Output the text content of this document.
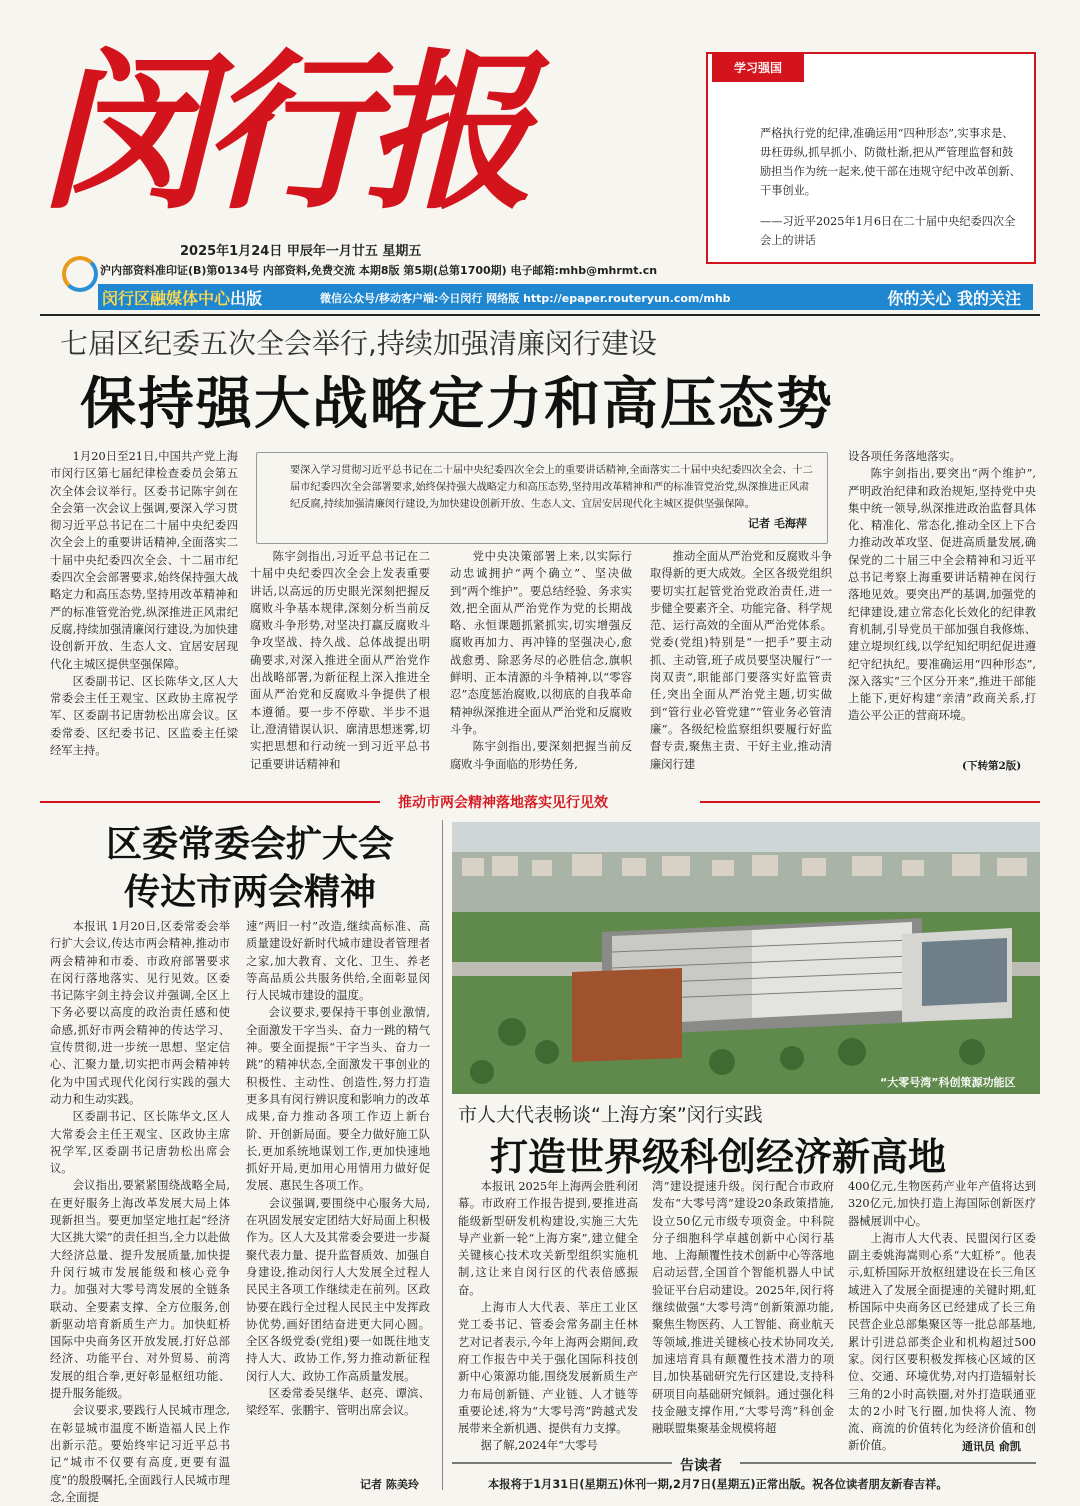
闵行报
2025年1月24日 甲辰年一月廿五 星期五
沪内部资料准印证(B)第0134号 内部资料,免费交流 本期8版 第5期(总第1700期) 电子邮箱:mhb@mhrmt.cn
闵行区融媒体中心出版	微信公众号/移动客户端:今日闵行 网络版 http://epaper.routeryun.com/mhb	你的关心 我的关注
学习强国
严格执行党的纪律,准确运用“四种形态”,实事求是、毋枉毋纵,抓早抓小、防微杜渐,把从严管理监督和鼓励担当作为统一起来,使干部在违规守纪中改革创新、干事创业。
——习近平2025年1月6日在二十届中央纪委四次全会上的讲话
七届区纪委五次全会举行,持续加强清廉闵行建设
保持强大战略定力和高压态势

1月20日至21日,中国共产党上海市闵行区第七届纪律检查委员会第五次全体会议举行。区委书记陈宇剑在全会第一次会议上强调,要深入学习贯彻习近平总书记在二十届中央纪委四次全会上的重要讲话精神,全面落实二十届中央纪委四次全会、十二届市纪委四次全会部署要求,始终保持强大战略定力和高压态势,坚持用改革精神和严的标准管党治党,纵深推进正风肃纪反腐,持续加强清廉闵行建设,为加快建设创新开放、生态人文、宜居安居现代化主城区提供坚强保障。

区委副书记、区长陈华文,区人大常委会主任王观宝、区政协主席祝学军、区委副书记唐勃松出席会议。区委常委、区纪委书记、区监委主任梁经军主持。

要深入学习贯彻习近平总书记在二十届中央纪委四次全会上的重要讲话精神,全面落实二十届中央纪委四次全会、十二届市纪委四次全会部署要求,始终保持强大战略定力和高压态势,坚持用改革精神和严的标准管党治党,纵深推进正风肃纪反腐,持续加强清廉闵行建设,为加快建设创新开放、生态人文、宜居安居现代化主城区提供坚强保障。
记者 毛海萍

陈宇剑指出,习近平总书记在二十届中央纪委四次全会上发表重要讲话,以高远的历史眼光深刻把握反腐败斗争基本规律,深刻分析当前反腐败斗争形势,对坚决打赢反腐败斗争攻坚战、持久战、总体战提出明确要求,对深入推进全面从严治党作出战略部署,为新征程上深入推进全面从严治党和反腐败斗争提供了根本遵循。要一步不停歇、半步不退让,澄清错误认识、廓清思想迷雾,切实把思想和行动统一到习近平总书记重要讲话精神和

党中央决策部署上来,以实际行动忠诚拥护“两个确立”、坚决做到“两个维护”。要总结经验、务求实效,把全面从严治党作为党的长期战略、永恒课题抓紧抓实,切实增强反腐败再加力、再冲锋的坚强决心,愈战愈勇、除恶务尽的必胜信念,旗帜鲜明、正本清源的斗争精神,以“零容忍”态度惩治腐败,以彻底的自我革命精神纵深推进全面从严治党和反腐败斗争。

陈宇剑指出,要深刻把握当前反腐败斗争面临的形势任务,

推动全面从严治党和反腐败斗争取得新的更大成效。全区各级党组织要切实扛起管党治党政治责任,进一步健全要素齐全、功能完备、科学规范、运行高效的全面从严治党体系。党委(党组)特别是“一把手”要主动抓、主动管,班子成员要坚决履行“一岗双责”,职能部门要落实好监管责任,突出全面从严治党主题,切实做到“管行业必管党建”“管业务必管清廉”。各级纪检监察组织要履行好监督专责,聚焦主责、干好主业,推动清廉闵行建

设各项任务落地落实。

陈宇剑指出,要突出“两个维护”,严明政治纪律和政治规矩,坚持党中央集中统一领导,纵深推进政治监督具体化、精准化、常态化,推动全区上下合力推动改革攻坚、促进高质量发展,确保党的二十届三中全会精神和习近平总书记考察上海重要讲话精神在闵行落地见效。要突出严的基调,加强党的纪律建设,建立常态化长效化的纪律教育机制,引导党员干部加强自我修炼、建立堤坝红线,以学纪知纪明纪促进遵纪守纪执纪。要准确运用“四种形态”,深入落实“三个区分开来”,推进干部能上能下,更好构建“亲清”政商关系,打造公平公正的营商环境。

(下转第2版)
推动市两会精神落地落实见行见效
区委常委会扩大会
传达市两会精神

本报讯 1月20日,区委常委会举行扩大会议,传达市两会精神,推动市两会精神和市委、市政府部署要求在闵行落地落实、见行见效。区委书记陈宇剑主持会议并强调,全区上下务必要以高度的政治责任感和使命感,抓好市两会精神的传达学习、宣传贯彻,进一步统一思想、坚定信心、汇聚力量,切实把市两会精神转化为中国式现代化闵行实践的强大动力和生动实践。

区委副书记、区长陈华文,区人大常委会主任王观宝、区政协主席祝学军,区委副书记唐勃松出席会议。

会议指出,要紧紧围绕战略全局,在更好服务上海改革发展大局上体现新担当。要更加坚定地扛起“经济大区挑大梁”的责任担当,全力以赴做大经济总量、提升发展质量,加快提升闵行城市发展能级和核心竞争力。加强对大零号湾发展的全链条联动、全要素支撑、全方位服务,创新驱动培育新质生产力。加快虹桥国际中央商务区开放发展,打好总部经济、功能平台、对外贸易、前湾发展的组合拳,更好彰显枢纽功能、提升服务能级。

会议要求,要践行人民城市理念,在彰显城市温度不断造福人民上作出新示范。要始终牢记习近平总书记“城市不仅要有高度,更要有温度”的殷殷嘱托,全面践行人民城市理念,全面提

速“两旧一村”改造,继续高标准、高质量建设好新时代城市建设者管理者之家,加大教育、文化、卫生、养老等高品质公共服务供给,全面彰显闵行人民城市建设的温度。

会议要求,要保持干事创业激情,全面激发干字当头、奋力一跳的精气神。要全面提振“干字当头、奋力一跳”的精神状态,全面激发干事创业的积极性、主动性、创造性,努力打造更多具有闵行辨识度和影响力的改革成果,奋力推动各项工作迈上新台阶、开创新局面。要全力做好施工队长,更加系统地谋划工作,更加快速地抓好开局,更加用心用情用力做好促发展、惠民生各项工作。

会议强调,要围绕中心服务大局,在巩固发展安定团结大好局面上积极作为。区人大及其常委会要进一步凝聚代表力量、提升监督质效、加强自身建设,推动闵行人大发展全过程人民民主各项工作继续走在前列。区政协要在践行全过程人民民主中发挥政协优势,画好团结奋进更大同心圆。全区各级党委(党组)要一如既往地支持人大、政协工作,努力推动新征程闵行人大、政协工作高质量发展。

区委常委吴继华、赵亮、谭滨、梁经军、张鹏宇、管明出席会议。

记者 陈美玲
“大零号湾”科创策源功能区
市人大代表畅谈“上海方案”闵行实践
打造世界级科创经济新高地

本报讯 2025年上海两会胜利闭幕。市政府工作报告提到,要推进高能级新型研发机构建设,实施三大先导产业新一轮“上海方案”,建立健全关键核心技术攻关新型组织实施机制,这让来自闵行区的代表倍感振奋。

上海市人大代表、莘庄工业区党工委书记、管委会常务副主任林艺对记者表示,今年上海两会期间,政府工作报告中关于强化国际科技创新中心策源功能,围绕发展新质生产力布局创新链、产业链、人才链等重要论述,将为“大零号湾”跨越式发展带来全新机遇、提供有力支撑。

据了解,2024年“大零号

湾”建设提速升级。闵行配合市政府发布“大零号湾”建设20条政策措施,设立50亿元市级专项资金。中科院分子细胞科学卓越创新中心闵行基地、上海颠覆性技术创新中心等落地启动运营,全国首个智能机器人中试验证平台启动建设。2025年,闵行将继续做强“大零号湾”创新策源功能,聚焦生物医药、人工智能、商业航天等领域,推进关键核心技术协同攻关,加速培育具有颠覆性技术潜力的项目,加快基础研究先行区建设,支持科研项目向基础研究倾斜。通过强化科技金融支撑作用,“大零号湾”科创金融联盟集聚基金规模将超

400亿元,生物医药产业年产值将达到320亿元,加快打造上海国际创新医疗器械展训中心。

上海市人大代表、民盟闵行区委副主委姚海嵩则心系“大虹桥”。他表示,虹桥国际开放枢纽建设在长三角区域进入了发展全面提速的关键时期,虹桥国际中央商务区已经建成了长三角民营企业总部集聚区等一批总部基地,累计引进总部类企业和机构超过500家。闵行区要积极发挥核心区域的区位、交通、环境优势,对内打造辐射长三角的2小时高铁圈,对外打造联通亚太的2小时飞行圈,加快将人流、物流、商流的价值转化为经济价值和创新价值。	通讯员 俞凯
告读者
本报将于1月31日(星期五)休刊一期,2月7日(星期五)正常出版。祝各位读者朋友新春吉祥。
